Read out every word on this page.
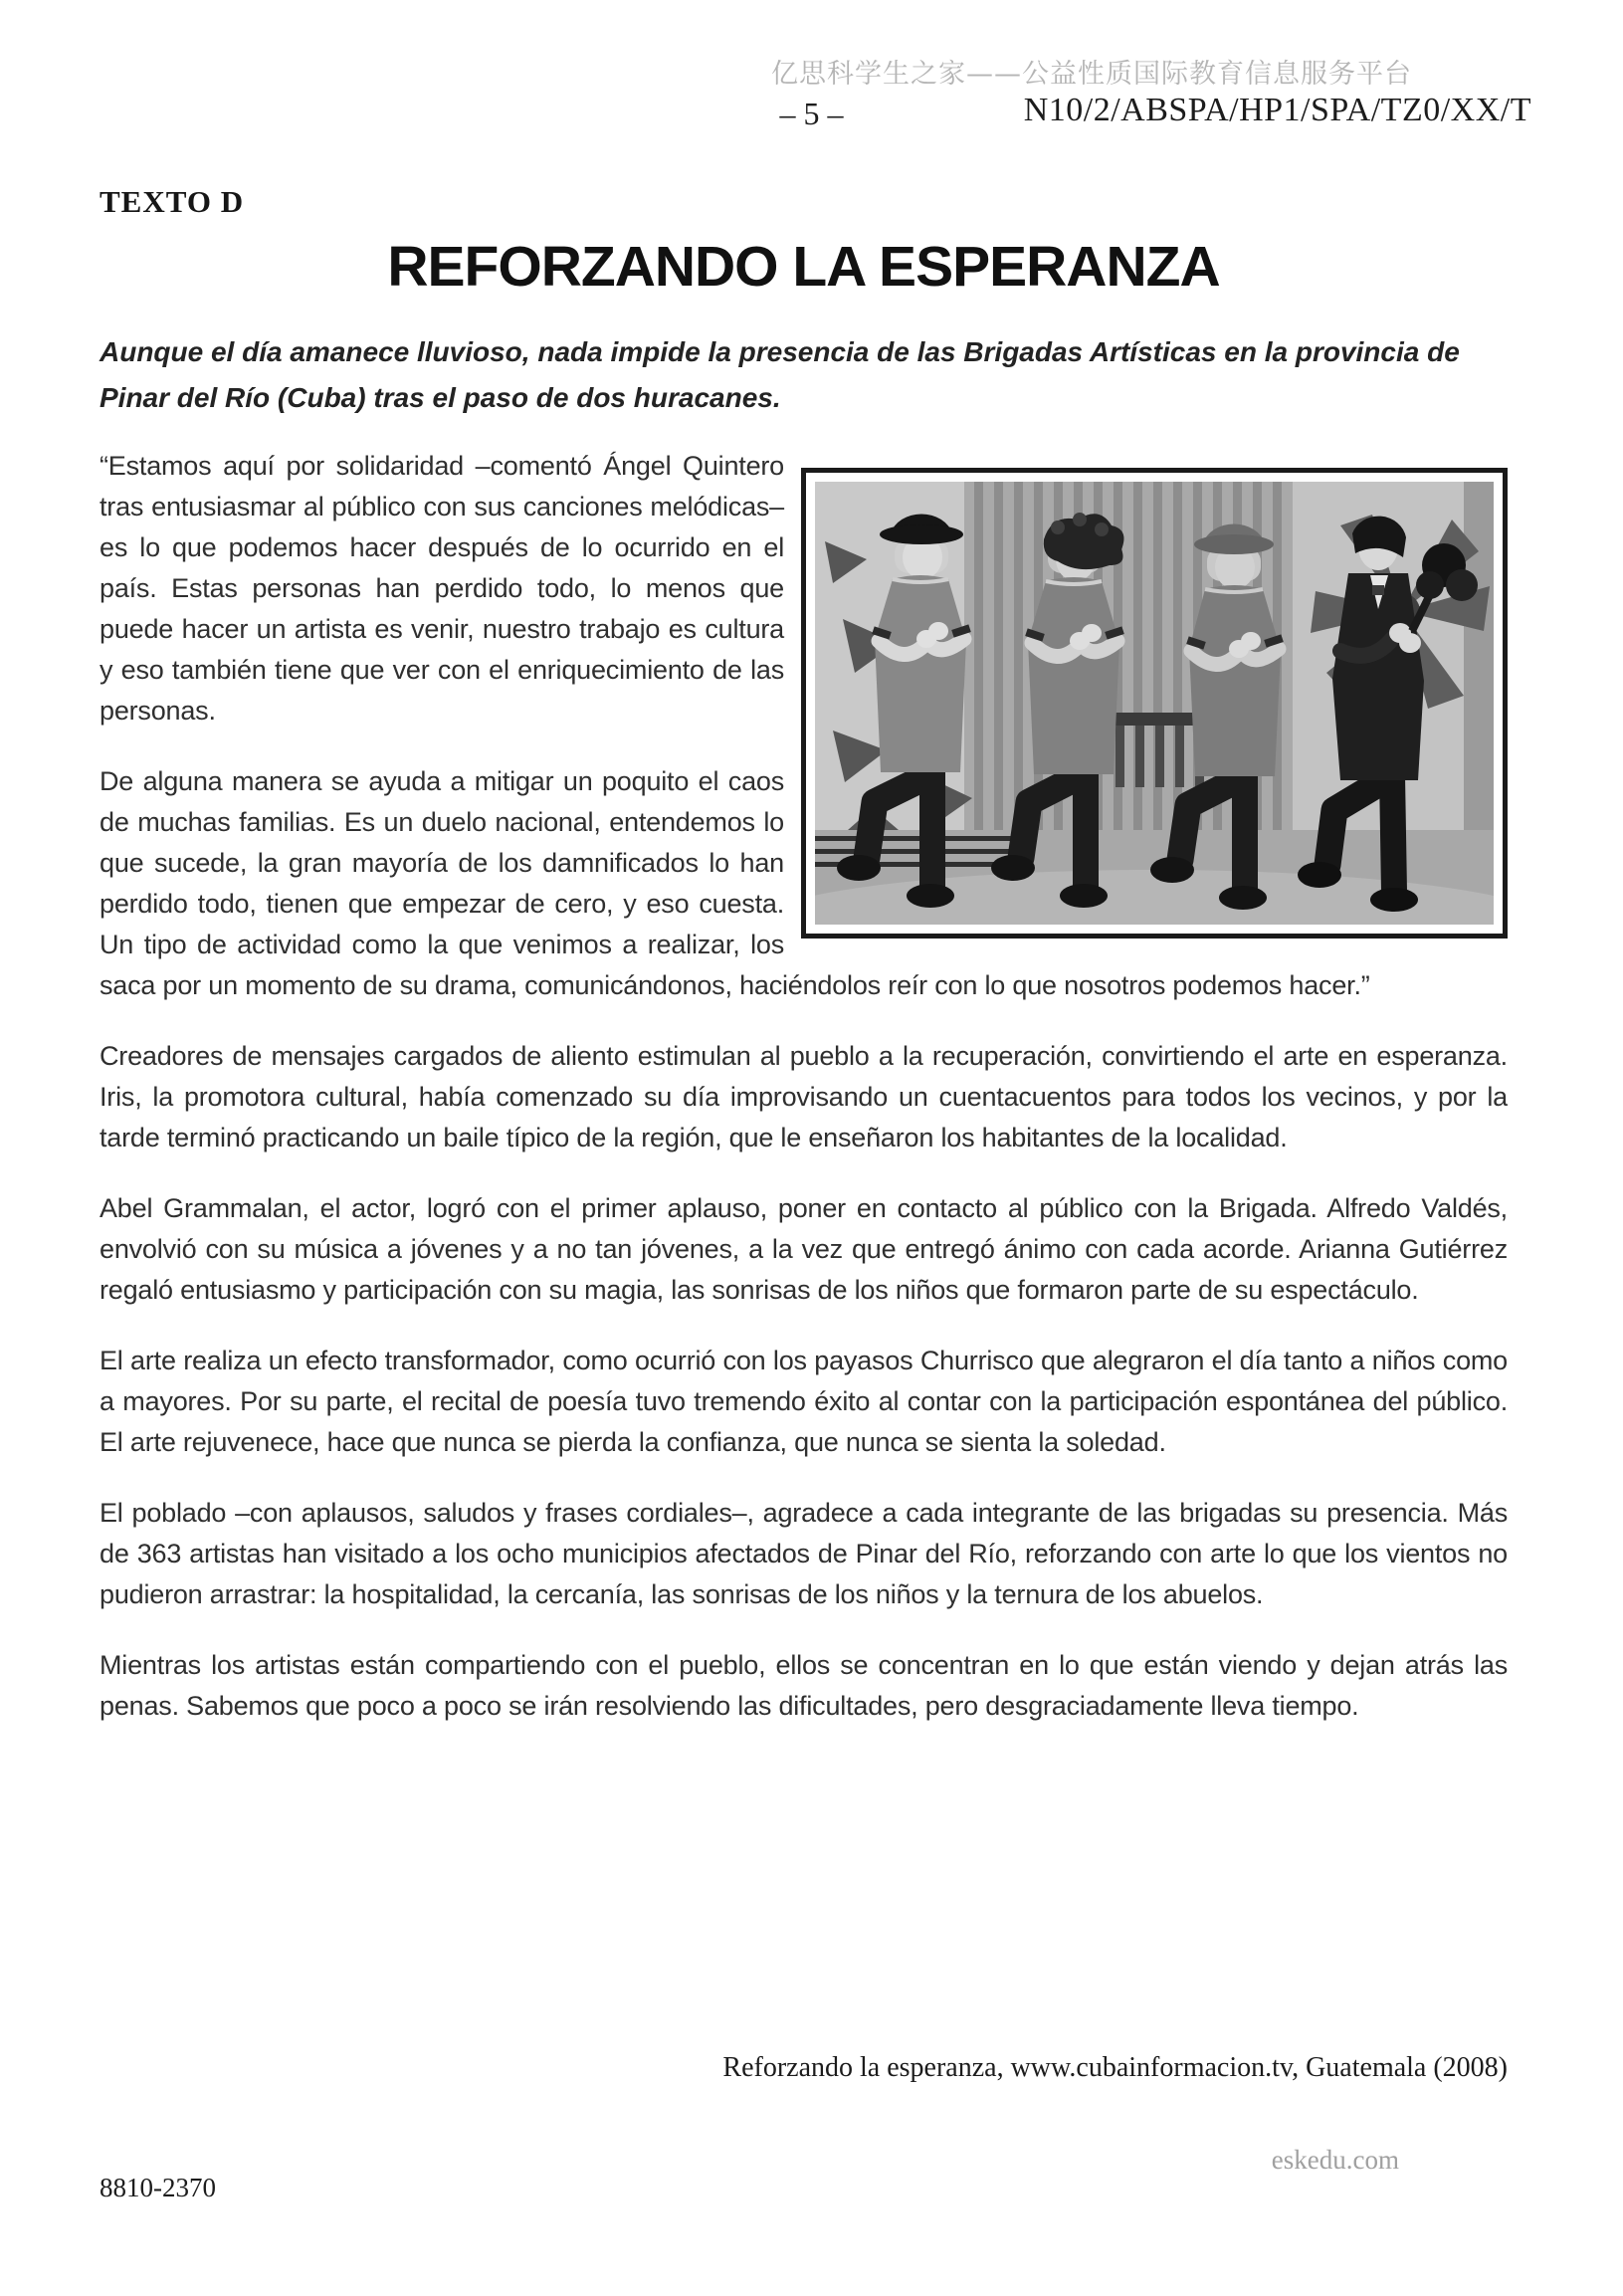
亿思科学生之家——公益性质国际教育信息服务平台
– 5 –	N10/2/ABSPA/HP1/SPA/TZ0/XX/T
TEXTO D
REFORZANDO LA ESPERANZA

Aunque el día amanece lluvioso, nada impide la presencia de las Brigadas Artísticas en la provincia de Pinar del Río (Cuba) tras el paso de dos huracanes.

“Estamos aquí por solidaridad –comentó Ángel Quintero tras entusiasmar al público con sus canciones melódicas– es lo que podemos hacer después de lo ocurrido en el país. Estas personas han perdido todo, lo menos que puede hacer un artista es venir, nuestro trabajo es cultura y eso también tiene que ver con el enriquecimiento de las personas.

De alguna manera se ayuda a mitigar un poquito el caos de muchas familias. Es un duelo nacional, entendemos lo que sucede, la gran mayoría de los damnificados lo han perdido todo, tienen que empezar de cero, y eso cuesta. Un tipo de actividad como la que venimos a realizar, los saca por un momento de su drama, comunicándonos, haciéndolos reír con lo que nosotros podemos hacer.”

Creadores de mensajes cargados de aliento estimulan al pueblo a la recuperación, convirtiendo el arte en esperanza. Iris, la promotora cultural, había comenzado su día improvisando un cuentacuentos para todos los vecinos, y por la tarde terminó practicando un baile típico de la región, que le enseñaron los habitantes de la localidad.

Abel Grammalan, el actor, logró con el primer aplauso, poner en contacto al público con la Brigada. Alfredo Valdés, envolvió con su música a jóvenes y a no tan jóvenes, a la vez que entregó ánimo con cada acorde. Arianna Gutiérrez regaló entusiasmo y participación con su magia, las sonrisas de los niños que formaron parte de su espectáculo.

El arte realiza un efecto transformador, como ocurrió con los payasos Churrisco que alegraron el día tanto a niños como a mayores. Por su parte, el recital de poesía tuvo tremendo éxito al contar con la participación espontánea del público. El arte rejuvenece, hace que nunca se pierda la confianza, que nunca se sienta la soledad.

El poblado –con aplausos, saludos y frases cordiales–, agradece a cada integrante de las brigadas su presencia. Más de 363 artistas han visitado a los ocho municipios afectados de Pinar del Río, reforzando con arte lo que los vientos no pudieron arrastrar: la hospitalidad, la cercanía, las sonrisas de los niños y la ternura de los abuelos.

Mientras los artistas están compartiendo con el pueblo, ellos se concentran en lo que están viendo y dejan atrás las penas. Sabemos que poco a poco se irán resolviendo las dificultades, pero desgraciadamente lleva tiempo.

Reforzando la esperanza, www.cubainformacion.tv, Guatemala (2008)
8810-2370
eskedu.com
